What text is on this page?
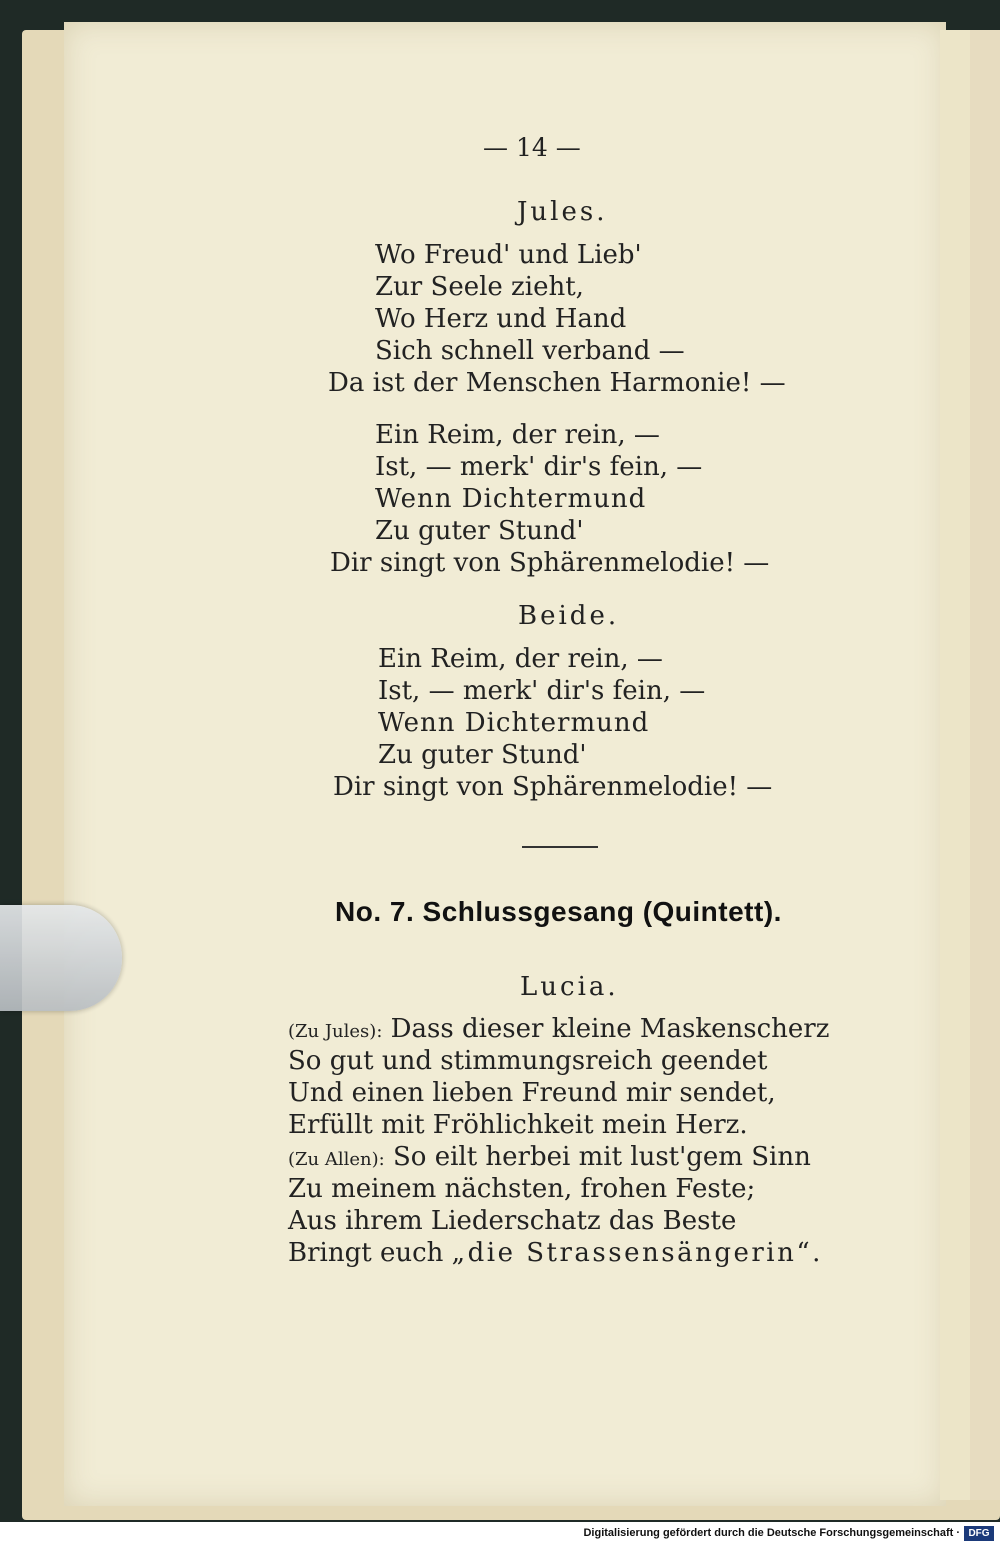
— 14 —
Jules.
Wo Freud' und Lieb'
Zur Seele zieht,
Wo Herz und Hand
Sich schnell verband —
Da ist der Menschen Harmonie! —
Ein Reim, der rein, —
Ist, — merk' dir's fein, —
Wenn Dichtermund
Zu guter Stund'
Dir singt von Sphärenmelodie! —
Beide.
Ein Reim, der rein, —
Ist, — merk' dir's fein, —
Wenn Dichtermund
Zu guter Stund'
Dir singt von Sphärenmelodie! —
No. 7. Schlussgesang (Quintett).
Lucia.
(Zu Jules): Dass dieser kleine Maskenscherz
So gut und stimmungsreich geendet
Und einen lieben Freund mir sendet,
Erfüllt mit Fröhlichkeit mein Herz.
(Zu Allen): So eilt herbei mit lust'gem Sinn
Zu meinem nächsten, frohen Feste;
Aus ihrem Liederschatz das Beste
Bringt euch „die Strassensängerin“.
Digitalisierung gefördert durch die Deutsche Forschungsgemeinschaft · DFG
